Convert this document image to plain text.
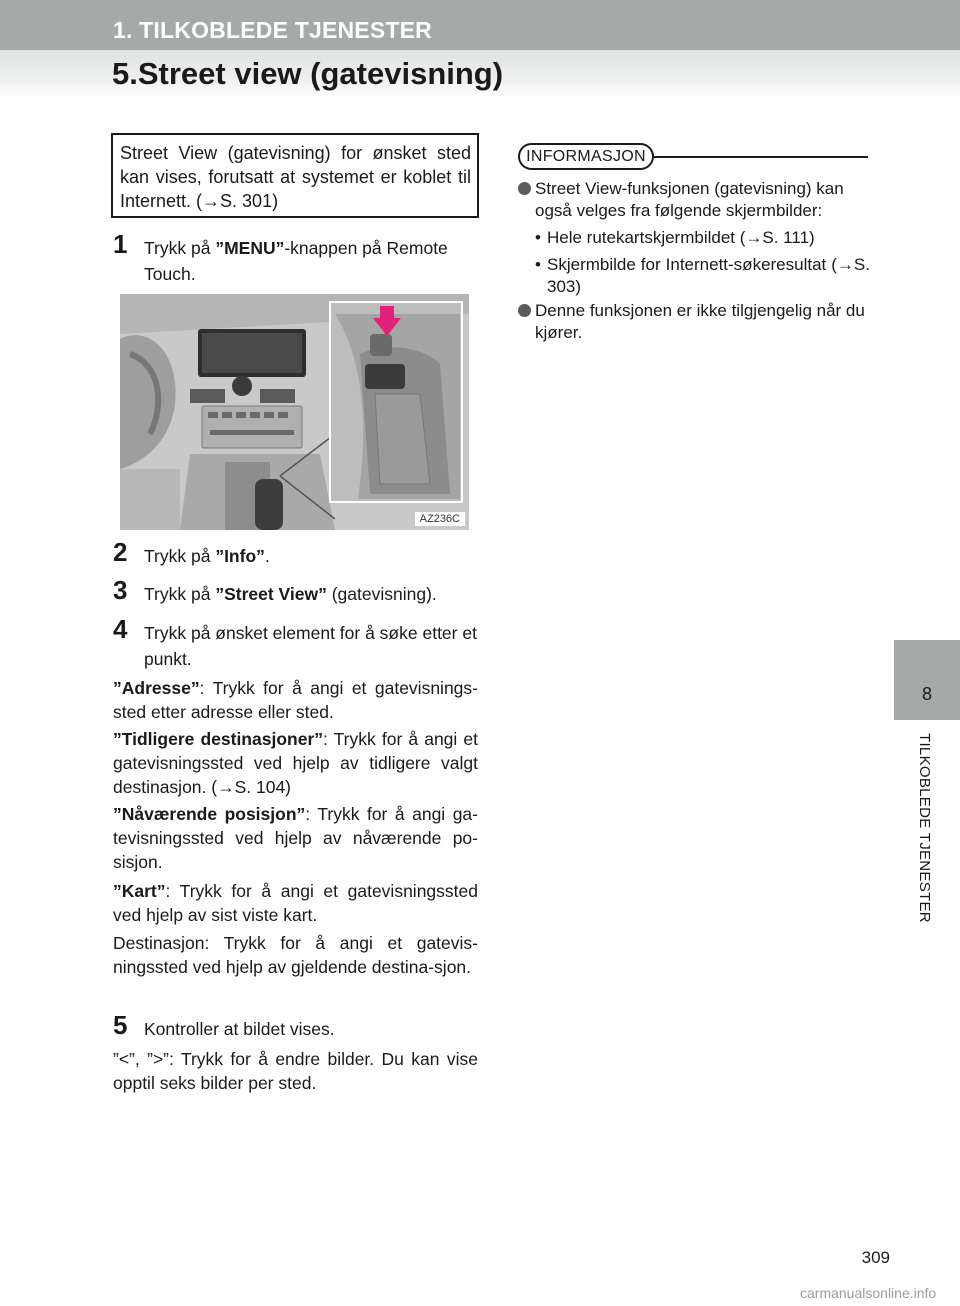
1. TILKOBLEDE TJENESTER
5.Street view (gatevisning)
Street View (gatevisning) for ønsket sted kan vises, forutsatt at systemet er koblet til Internett. (→S. 301)
1 Trykk på ”MENU”-knappen på Remote Touch.
AZ236C
2 Trykk på ”Info”.
3 Trykk på ”Street View” (gatevisning).
4 Trykk på ønsket element for å søke etter et punkt.
”Adresse”: Trykk for å angi et gatevisnings-sted etter adresse eller sted.
”Tidligere destinasjoner”: Trykk for å angi et gatevisningssted ved hjelp av tidligere valgt destinasjon. (→S. 104)
”Nåværende posisjon”: Trykk for å angi ga-tevisningssted ved hjelp av nåværende po-sisjon.
”Kart”: Trykk for å angi et gatevisningssted ved hjelp av sist viste kart.
Destinasjon: Trykk for å angi et gatevis-ningssted ved hjelp av gjeldende destina-sjon.
5 Kontroller at bildet vises.
”<”, ”>”: Trykk for å endre bilder. Du kan vise opptil seks bilder per sted.
INFORMASJON
Street View-funksjonen (gatevisning) kan også velges fra følgende skjermbilder:
• Hele rutekartskjermbildet (→S. 111)
• Skjermbilde for Internett-søkeresultat (→S. 303)
Denne funksjonen er ikke tilgjengelig når du kjører.
8
TILKOBLEDE TJENESTER
309
carmanualsonline.info
